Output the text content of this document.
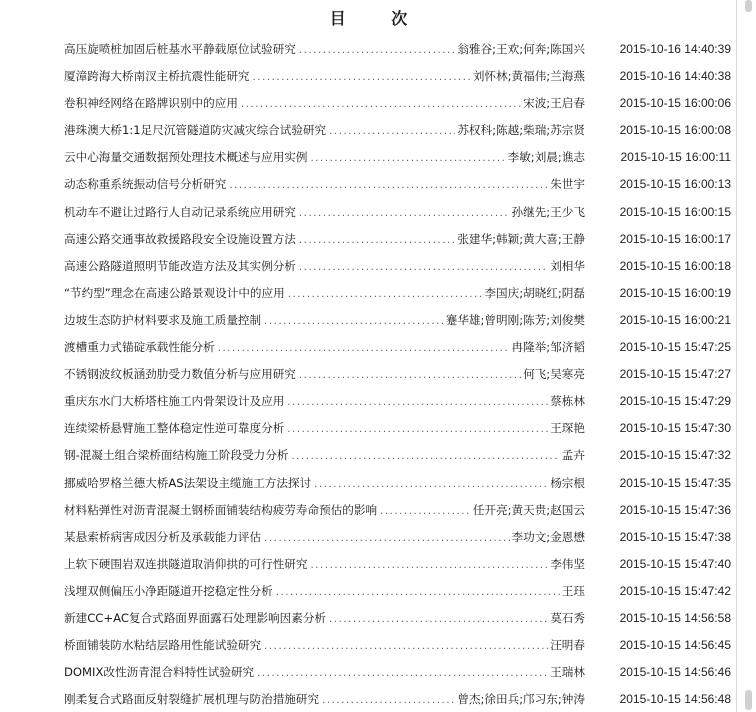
目 次
高压旋喷桩加固后桩基水平静载原位试验研究 .....	翁雅谷;王欢;何奔;陈国兴	2015-10-16 14:40:39
厦漳跨海大桥南汊主桥抗震性能研究 .....	刘怀林;黄福伟;兰海燕	2015-10-16 14:40:38
卷积神经网络在路牌识别中的应用 .....	宋波;王启春	2015-10-15 16:00:06
港珠澳大桥1:1足尺沉管隧道防灾减灾综合试验研究 .....	苏权科;陈越;柴瑞;苏宗贤	2015-10-15 16:00:08
云中心海量交通数据预处理技术概述与应用实例 .....	李敏;刘晨;谯志	2015-10-15 16:00:11
动态称重系统振动信号分析研究 .....	朱世宇	2015-10-15 16:00:13
机动车不避让过路行人自动记录系统应用研究 .....	孙继先;王少飞	2015-10-15 16:00:15
高速公路交通事故救援路段安全设施设置方法 .....	张建华;韩颖;黄大喜;王静	2015-10-15 16:00:17
高速公路隧道照明节能改造方法及其实例分析 .....	刘相华	2015-10-15 16:00:18
“节约型”理念在高速公路景观设计中的应用 .....	李国庆;胡晓红;阴磊	2015-10-15 16:00:19
边坡生态防护材料要求及施工质量控制 .....	蹇华雄;曾明刚;陈芳;刘俊樊	2015-10-15 16:00:21
渡槽重力式锚碇承载性能分析 .....	冉隆举;邹济韬	2015-10-15 15:47:25
不锈钢波纹板涵劲肋受力数值分析与应用研究 .....	何飞;吴寒亮	2015-10-15 15:47:27
重庆东水门大桥塔柱施工内骨架设计及应用 .....	蔡栋林	2015-10-15 15:47:29
连续梁桥悬臂施工整体稳定性逆可靠度分析 .....	王琛艳	2015-10-15 15:47:30
钢-混凝土组合梁桥面结构施工阶段受力分析 .....	孟卉	2015-10-15 15:47:32
挪威哈罗格兰德大桥AS法架设主缆施工方法探讨 .....	杨宗根	2015-10-15 15:47:35
材料粘弹性对沥青混凝土钢桥面铺装结构疲劳寿命预估的影响 .....	任开亮;黄天贵;赵国云	2015-10-15 15:47:36
某悬索桥病害成因分析及承载能力评估 .....	李功文;金恩懋	2015-10-15 15:47:38
上软下硬围岩双连拱隧道取消仰拱的可行性研究 .....	李伟坚	2015-10-15 15:47:40
浅埋双侧偏压小净距隧道开挖稳定性分析 .....	王珏	2015-10-15 15:47:42
新建CC+AC复合式路面界面露石处理影响因素分析 .....	莫石秀	2015-10-15 14:56:58
桥面铺装防水粘结层路用性能试验研究 .....	汪明春	2015-10-15 14:56:45
DOMIX改性沥青混合料特性试验研究 .....	王瑞林	2015-10-15 14:56:46
刚柔复合式路面反射裂缝扩展机理与防治措施研究 .....	曾杰;徐田兵;邝习东;钟涛	2015-10-15 14:56:48
